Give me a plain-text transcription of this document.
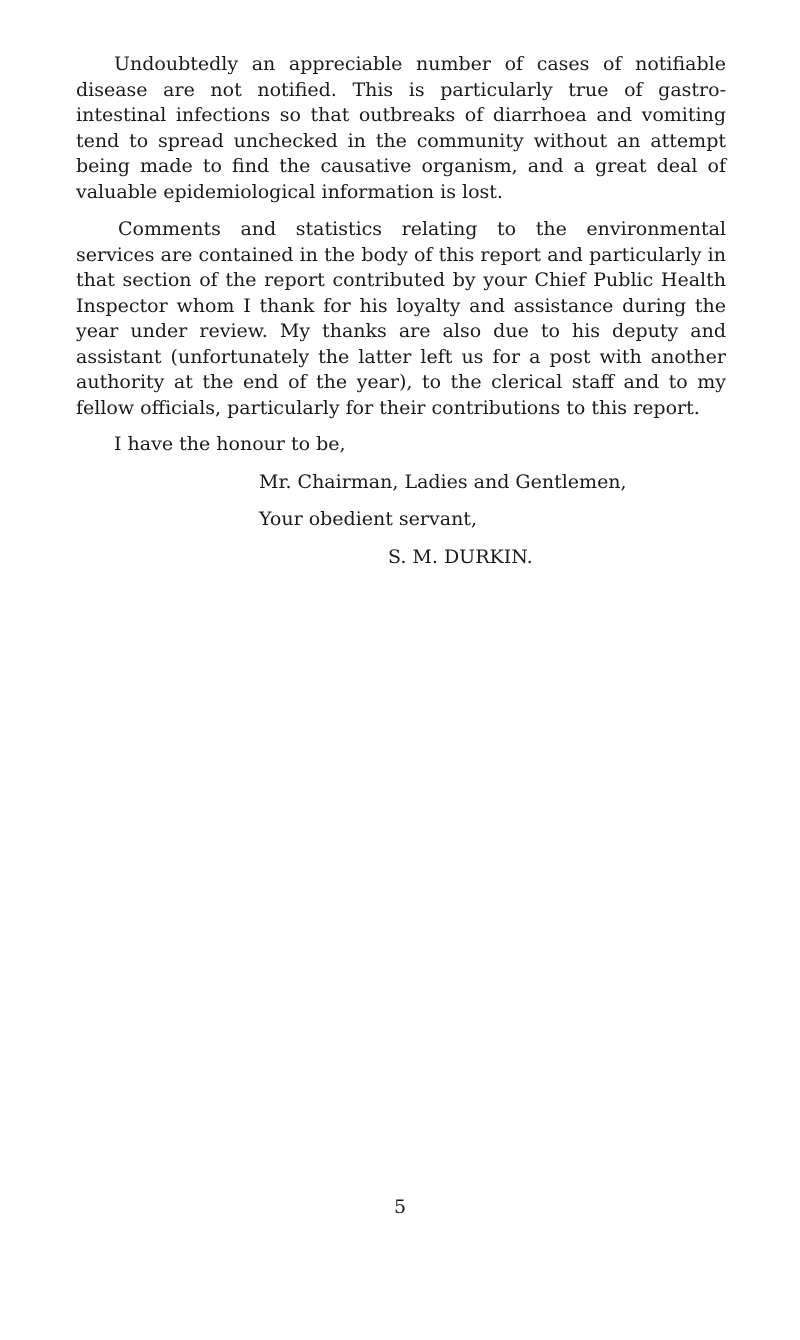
Undoubtedly an appreciable number of cases of notifiable disease are not notified. This is particularly true of gastro-intestinal infections so that outbreaks of diarrhoea and vomiting tend to spread unchecked in the community without an attempt being made to find the causative organism, and a great deal of valuable epidemiological information is lost.

Comments and statistics relating to the environmental services are contained in the body of this report and particularly in that section of the report contributed by your Chief Public Health Inspector whom I thank for his loyalty and assistance during the year under review. My thanks are also due to his deputy and assistant (unfortunately the latter left us for a post with another authority at the end of the year), to the clerical staff and to my fellow officials, particularly for their contributions to this report.

I have the honour to be,
Mr. Chairman, Ladies and Gentlemen,
Your obedient servant,
S. M. DURKIN.
5
